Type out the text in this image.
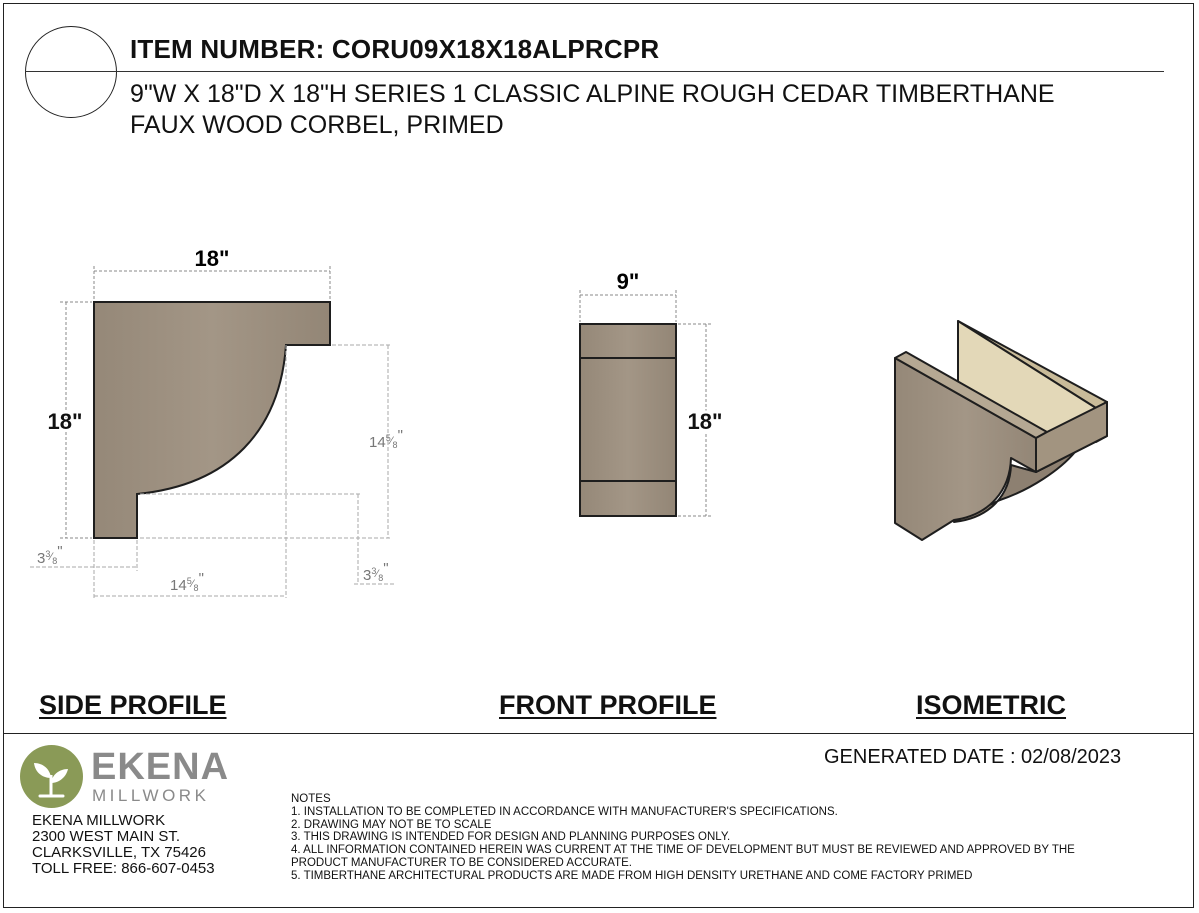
ITEM NUMBER: CORU09X18X18ALPRCPR
9"W X 18"D X 18"H SERIES 1 CLASSIC ALPINE ROUGH CEDAR TIMBERTHANE
FAUX WOOD CORBEL, PRIMED
18"
18"
$14^5_{⁄8}$"
$3^3_{⁄8}$"
$3^3_{⁄8}$"
$14^5_{⁄8}$"
9"
18"
SIDE PROFILE	FRONT PROFILE	ISOMETRIC
GENERATED DATE : 02/08/2023
EKENA
MILLWORK
EKENA MILLWORK
2300 WEST MAIN ST.
CLARKSVILLE, TX 75426
TOLL FREE: 866-607-0453
NOTES
1. INSTALLATION TO BE COMPLETED IN ACCORDANCE WITH MANUFACTURER'S SPECIFICATIONS.
2. DRAWING MAY NOT BE TO SCALE
3. THIS DRAWING IS INTENDED FOR DESIGN AND PLANNING PURPOSES ONLY.
4. ALL INFORMATION CONTAINED HEREIN WAS CURRENT AT THE TIME OF DEVELOPMENT BUT MUST BE REVIEWED AND APPROVED BY THE
PRODUCT MANUFACTURER TO BE CONSIDERED ACCURATE.
5. TIMBERTHANE ARCHITECTURAL PRODUCTS ARE MADE FROM HIGH DENSITY URETHANE AND COME FACTORY PRIMED
